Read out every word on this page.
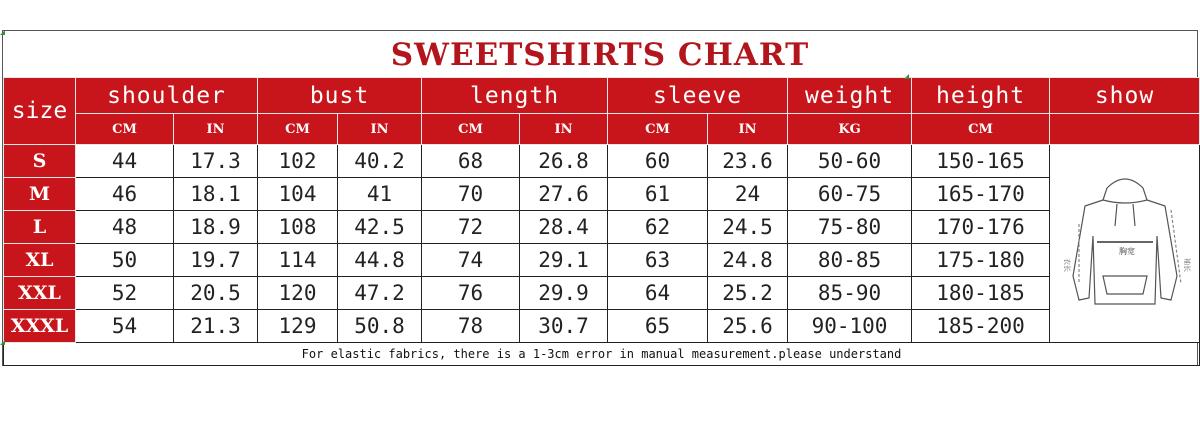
SWEETSHIRTS CHART
size	shoulder		bust		length		sleeve		weight	height	show
	CM	IN	CM	IN	CM	IN	CM	IN	KG	CM	
S	44	17.3	102	40.2	68	26.8	60	23.6	50-60	150-165	胸宽
衣长 袖长

M	46	18.1	104	41	70	27.6	61	24	60-75	165-170	
L	48	18.9	108	42.5	72	28.4	62	24.5	75-80	170-176	
XL	50	19.7	114	44.8	74	29.1	63	24.8	80-85	175-180	
XXL	52	20.5	120	47.2	76	29.9	64	25.2	85-90	180-185	
XXXL	54	21.3	129	50.8	78	30.7	65	25.6	90-100	185-200	
For elastic fabrics, there is a 1-3cm error in manual measurement.please understand											
